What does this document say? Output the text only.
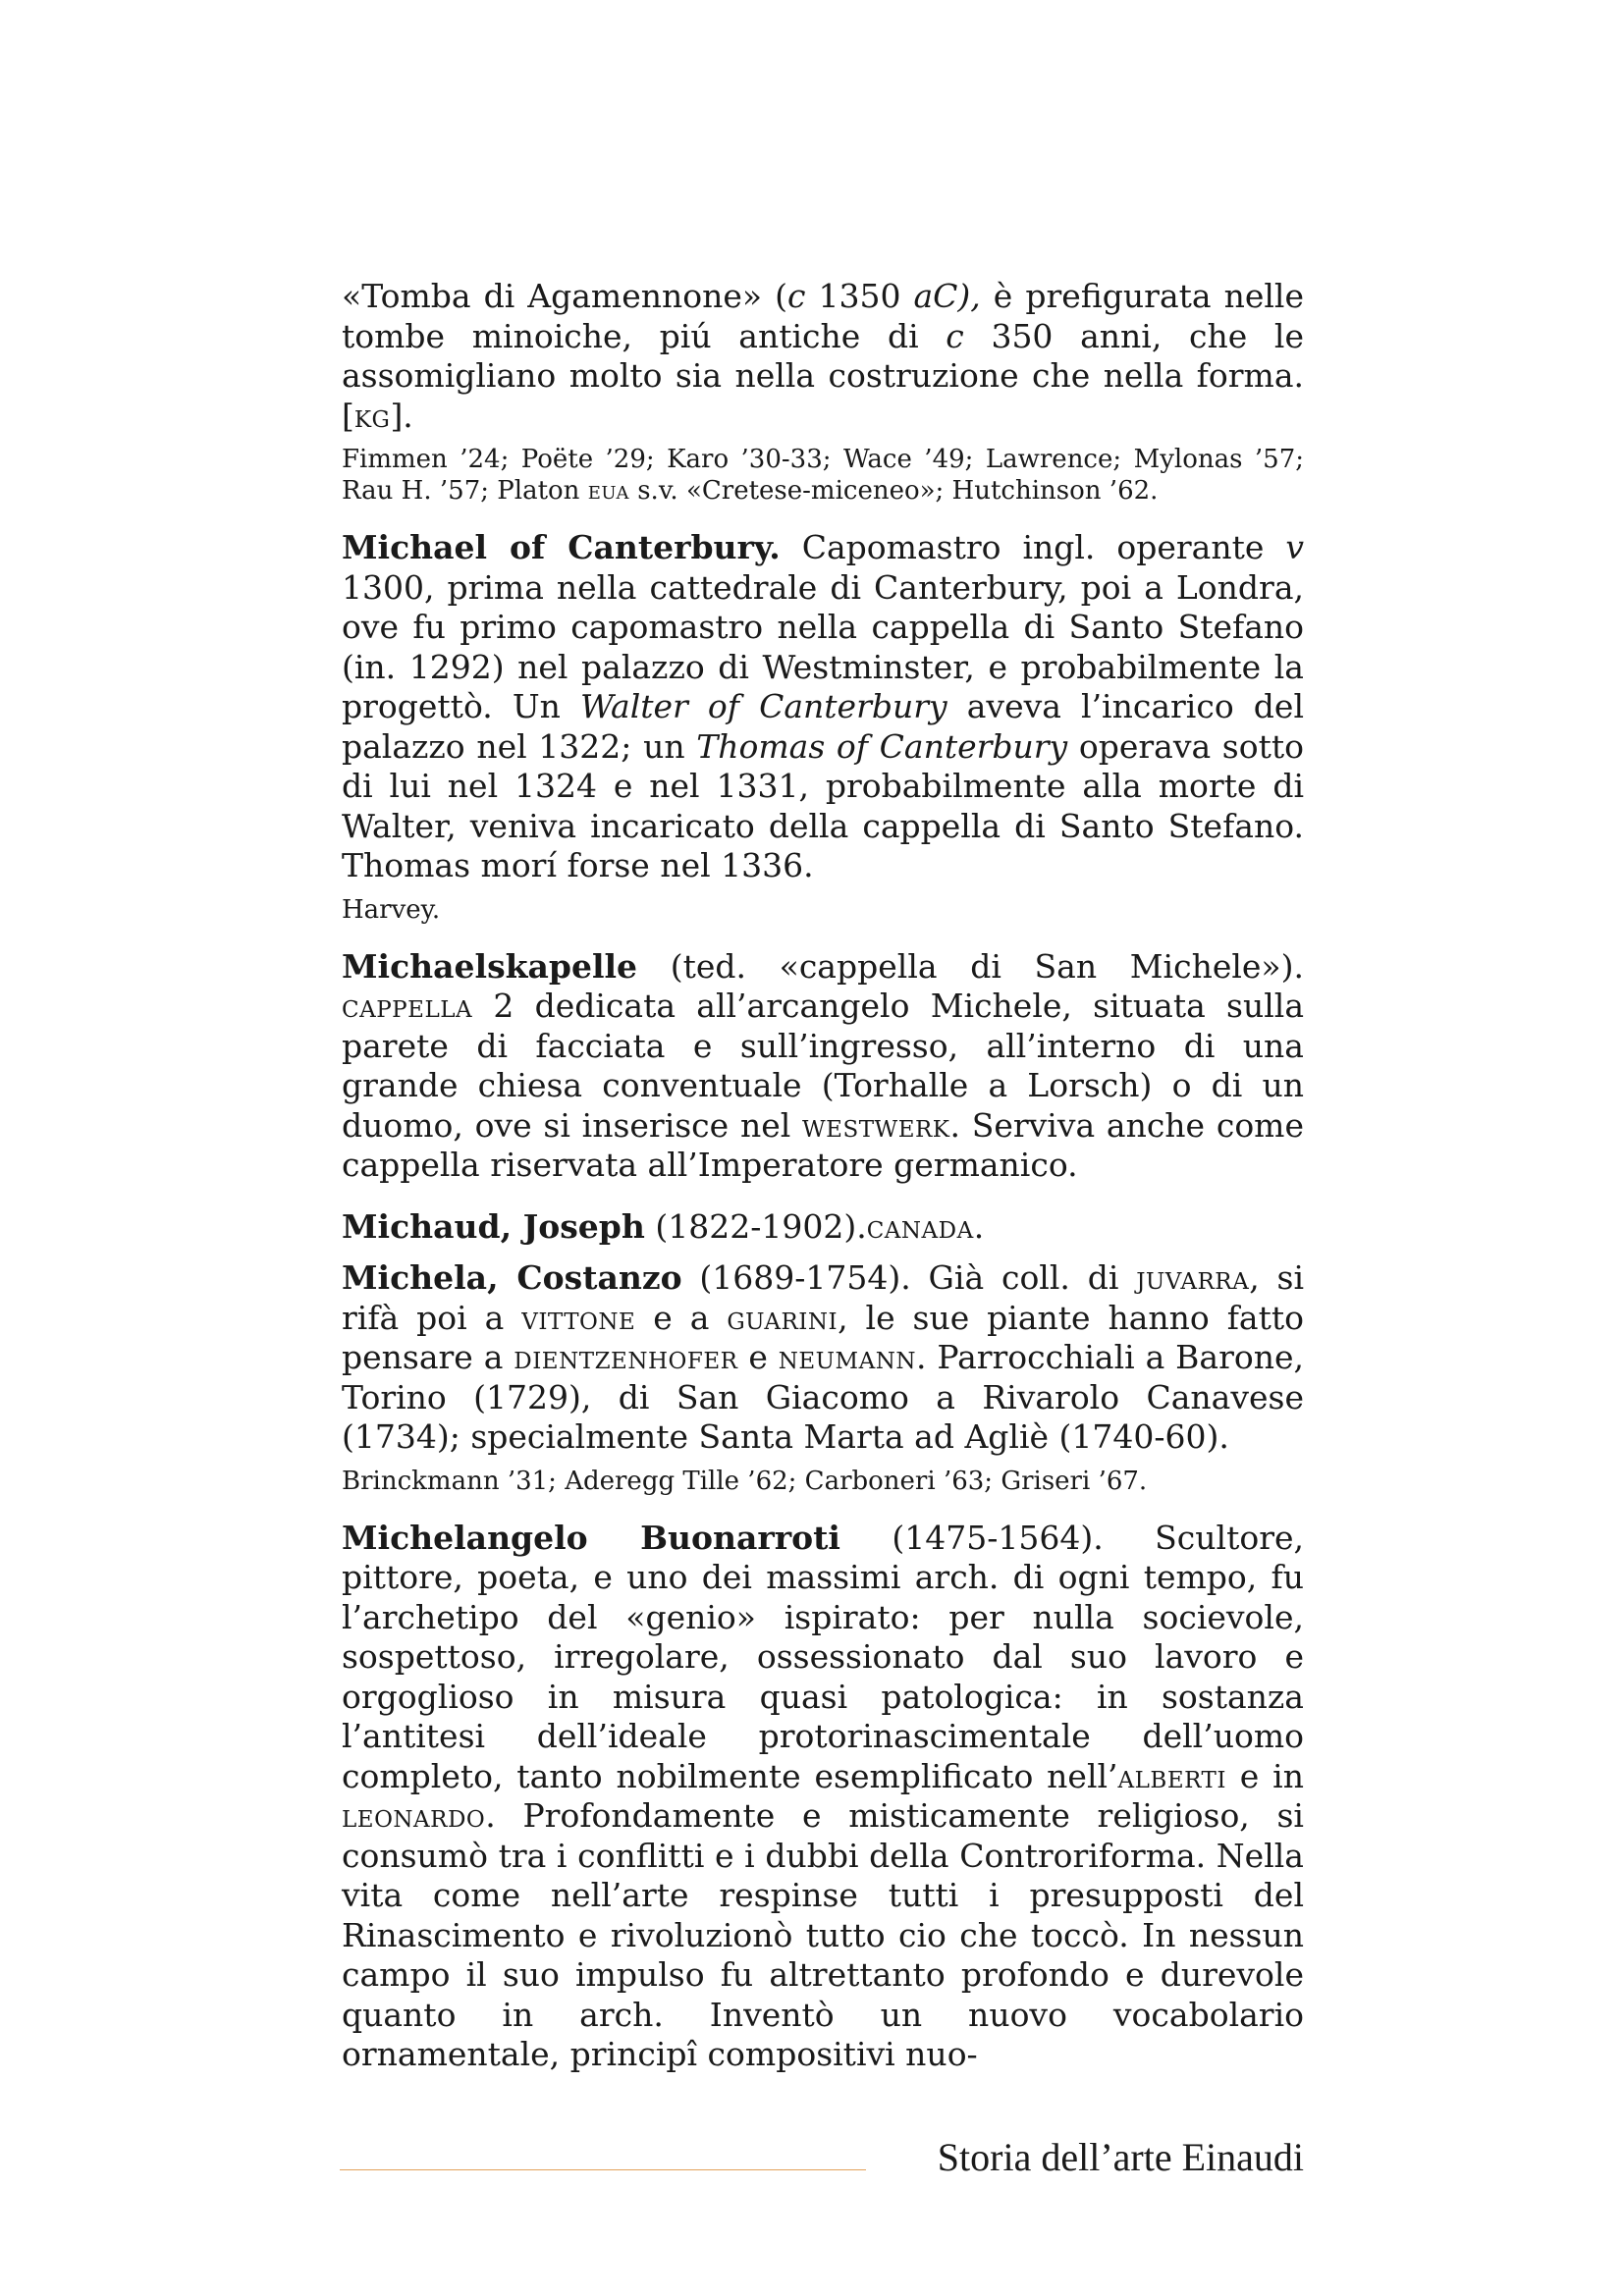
«Tomba di Agamennone» (c 1350 aC), è prefigurata nelle tombe minoiche, piú antiche di c 350 anni, che le assomigliano molto sia nella costruzione che nella forma. [kg].

Fimmen ’24; Poëte ’29; Karo ’30-33; Wace ’49; Lawrence; Mylonas ’57; Rau H. ’57; Platon eua s.v. «Cretese-miceneo»; Hutchinson ’62.

Michael of Canterbury. Capomastro ingl. operante v 1300, prima nella cattedrale di Canterbury, poi a Londra, ove fu primo capomastro nella cappella di Santo Stefano (in. 1292) nel palazzo di Westminster, e probabilmente la progettò. Un Walter of Canterbury aveva l’incarico del palazzo nel 1322; un Thomas of Canterbury operava sotto di lui nel 1324 e nel 1331, probabilmente alla morte di Walter, veniva incaricato della cappella di Santo Stefano. Thomas morí forse nel 1336.

Harvey.

Michaelskapelle (ted. «cappella di San Michele»). cappella 2 dedicata all’arcangelo Michele, situata sulla parete di facciata e sull’ingresso, all’interno di una grande chiesa conventuale (Torhalle a Lorsch) o di un duomo, ove si inserisce nel westwerk. Serviva anche come cappella riservata all’Imperatore germanico.

Michaud, Joseph (1822-1902).canada.

Michela, Costanzo (1689-1754). Già coll. di juvarra, si rifà poi a vittone e a guarini, le sue piante hanno fatto pensare a dientzenhofer e neumann. Parrocchiali a Barone, Torino (1729), di San Giacomo a Rivarolo Canavese (1734); specialmente Santa Marta ad Agliè (1740-60).

Brinckmann ’31; Aderegg Tille ’62; Carboneri ’63; Griseri ’67.

Michelangelo Buonarroti (1475-1564). Scultore, pittore, poeta, e uno dei massimi arch. di ogni tempo, fu l’archetipo del «genio» ispirato: per nulla socievole, sospettoso, irregolare, ossessionato dal suo lavoro e orgoglioso in misura quasi patologica: in sostanza l’antitesi dell’ideale protorinascimentale dell’uomo completo, tanto nobilmente esemplificato nell’alberti e in leonardo. Profondamente e misticamente religioso, si consumò tra i conflitti e i dubbi della Controriforma. Nella vita come nell’arte respinse tutti i presupposti del Rinascimento e rivoluzionò tutto cio che toccò. In nessun campo il suo impulso fu altrettanto profondo e durevole quanto in arch. Inventò un nuovo vocabolario ornamentale, principî compositivi nuo-

Storia dell’arte Einaudi
